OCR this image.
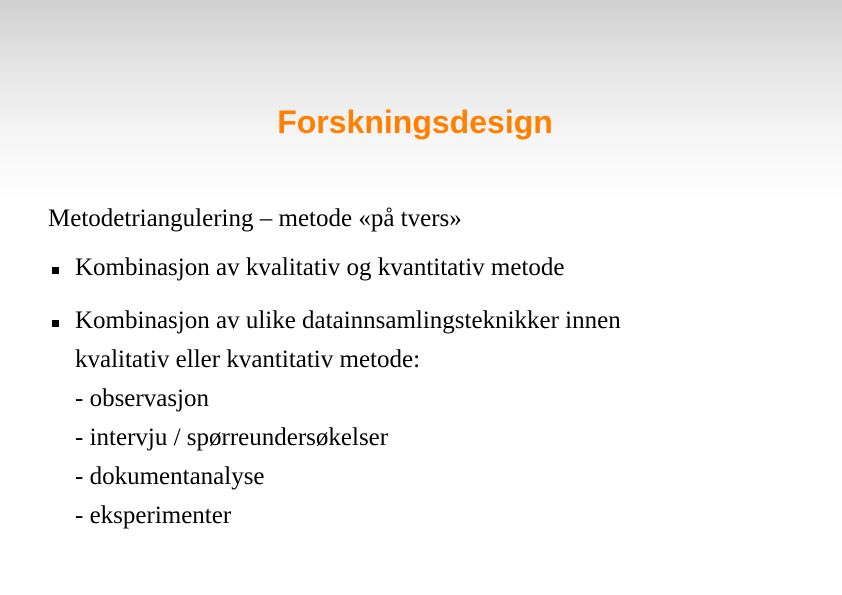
Forskningsdesign

Metodetriangulering – metode «på tvers»

Kombinasjon av kvalitativ og kvantitativ metode
Kombinasjon av ulike datainnsamlingsteknikker innen
kvalitativ eller kvantitativ metode:
- observasjon
- intervju / spørreundersøkelser
- dokumentanalyse
- eksperimenter
